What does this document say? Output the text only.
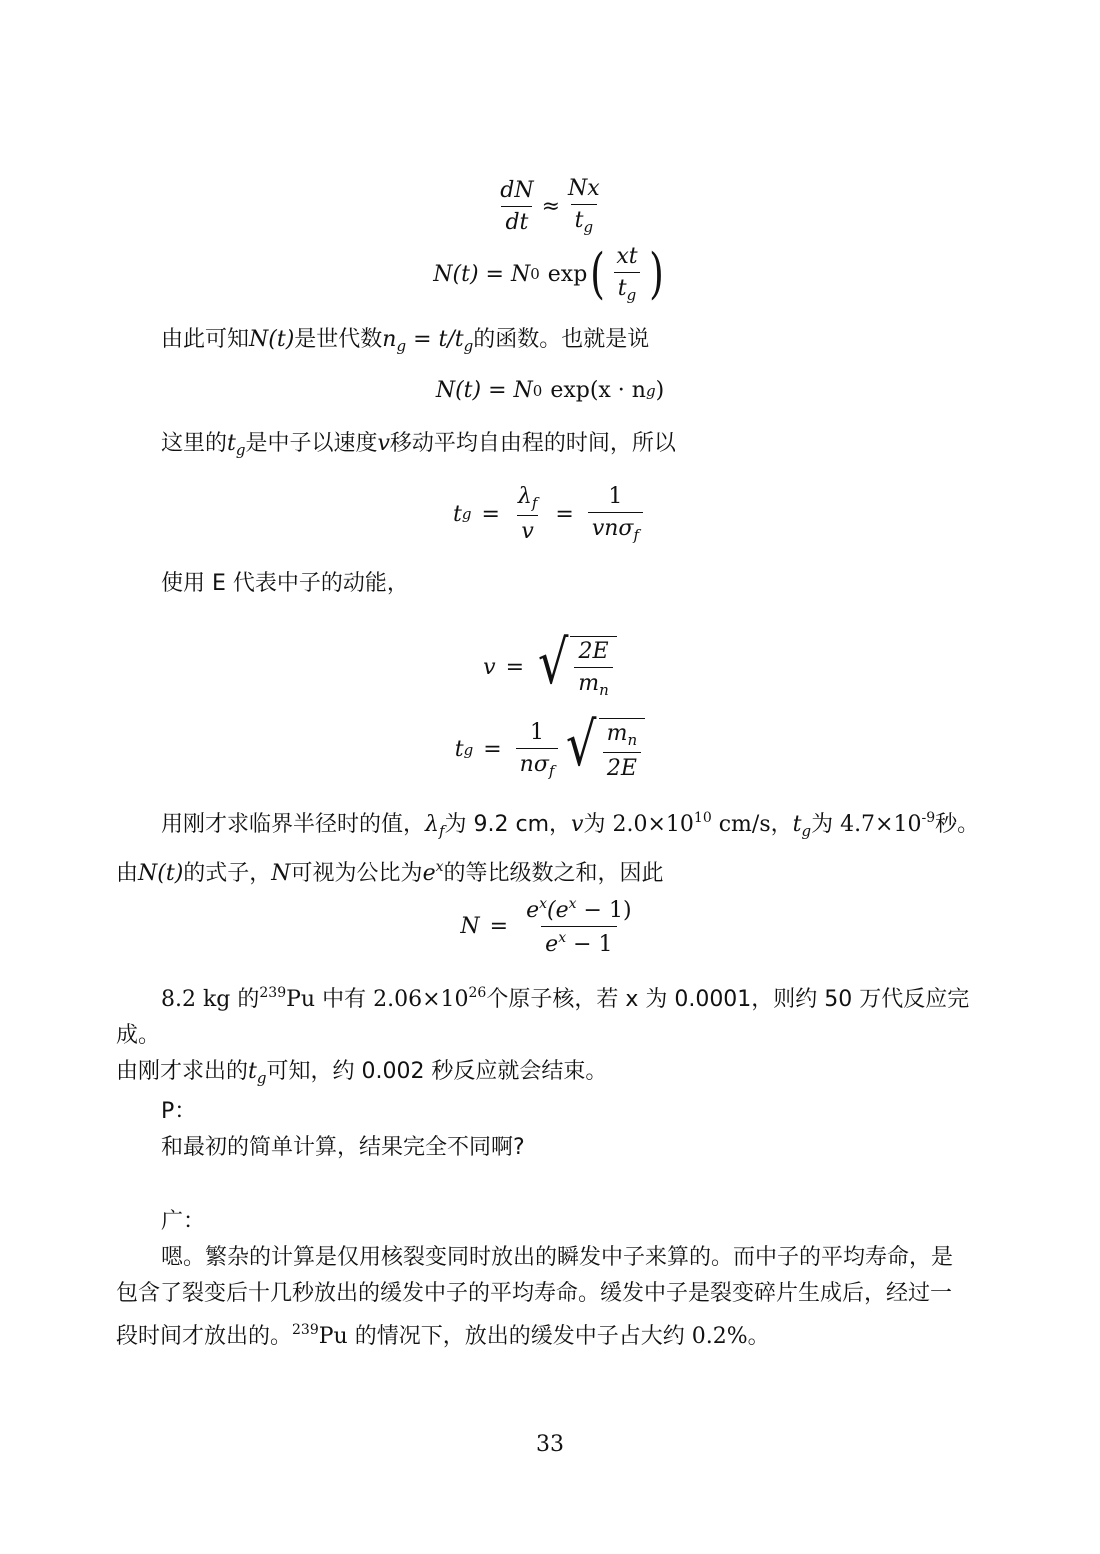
$\frac{dN}{dt} \approx \frac{Nx}{t_g}$
N(t) = N 0 exp ( $\frac{xt}{t_g}$ )
由此可知N(t)是世代数$n_g = t/t_g$的函数。也就是说
N(t) = N 0 exp(x · n g )
这里的$t_g$是中子以速度v移动平均自由程的时间，所以
t $g = \frac{\lambda_f}{v} = \frac{1}{vn\sigma_f}$
使用 E 代表中子的动能，
v = √ $\frac{2E}{m_n}$
t $g = \frac{1}{n\sigma_f}$ √ $\frac{m_n}{2E}$
用刚才求临界半径时的值，$\lambda_f$为 9.2 cm，v为 $2.0\times 10^{10}$ cm/s，$t_g$为 $4.7\times 10^{-9}$秒。
由N(t)的式子，N可视为公比为$e^x$的等比级数之和，因此
$N = \frac{e^x(e^x - 1)}{e^x - 1}$
8.2 kg 的$^{239}$Pu 中有 $2.06\times 10^{26}$个原子核，若 x 为 0.0001，则约 50 万代反应完成。
由刚才求出的$t_g$可知，约 0.002 秒反应就会结束。
P：
和最初的简单计算，结果完全不同啊?
广：
嗯。繁杂的计算是仅用核裂变同时放出的瞬发中子来算的。而中子的平均寿命，是
包含了裂变后十几秒放出的缓发中子的平均寿命。缓发中子是裂变碎片生成后，经过一
段时间才放出的。$^{239}$Pu 的情况下，放出的缓发中子占大约 0.2%。
33
